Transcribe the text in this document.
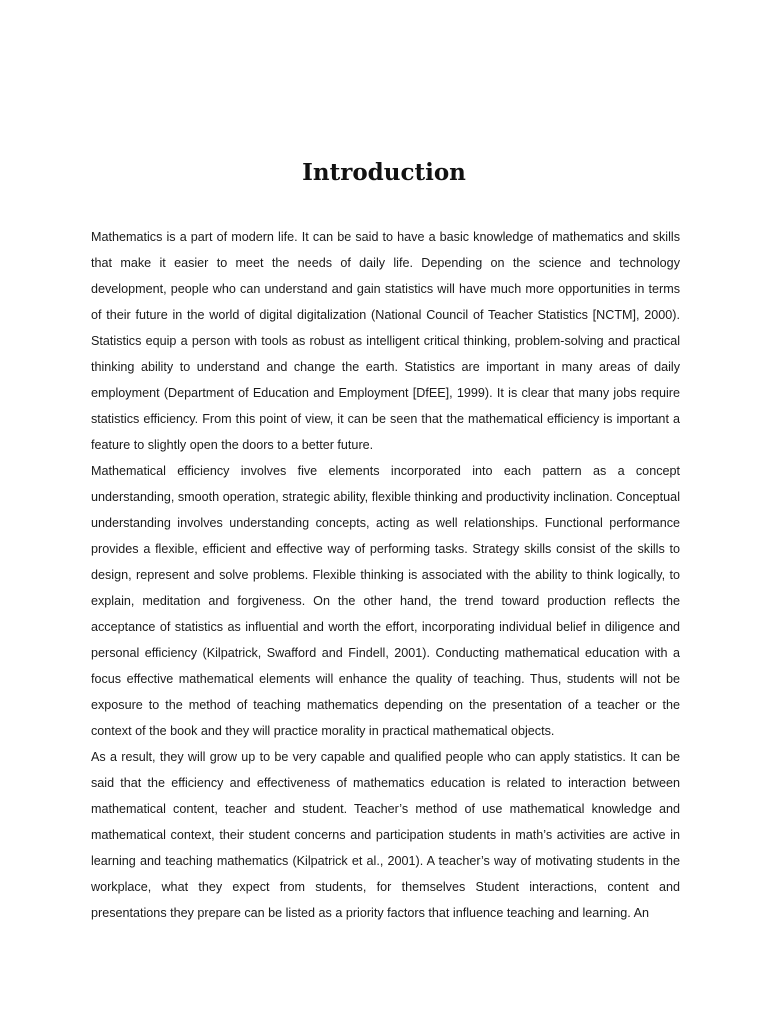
Introduction

Mathematics is a part of modern life. It can be said to have a basic knowledge of mathematics and skills that make it easier to meet the needs of daily life. Depending on the science and technology development, people who can understand and gain statistics will have much more opportunities in terms of their future in the world of digital digitalization (National Council of Teacher Statistics [NCTM], 2000). Statistics equip a person with tools as robust as intelligent critical thinking, problem-solving and practical thinking ability to understand and change the earth. Statistics are important in many areas of daily employment (Department of Education and Employment [DfEE], 1999). It is clear that many jobs require statistics efficiency. From this point of view, it can be seen that the mathematical efficiency is important a feature to slightly open the doors to a better future.

Mathematical efficiency involves five elements incorporated into each pattern as a concept understanding, smooth operation, strategic ability, flexible thinking and productivity inclination. Conceptual understanding involves understanding concepts, acting as well relationships. Functional performance provides a flexible, efficient and effective way of performing tasks. Strategy skills consist of the skills to design, represent and solve problems. Flexible thinking is associated with the ability to think logically, to explain, meditation and forgiveness. On the other hand, the trend toward production reflects the acceptance of statistics as influential and worth the effort, incorporating individual belief in diligence and personal efficiency (Kilpatrick, Swafford and Findell, 2001). Conducting mathematical education with a focus effective mathematical elements will enhance the quality of teaching. Thus, students will not be exposure to the method of teaching mathematics depending on the presentation of a teacher or the context of the book and they will practice morality in practical mathematical objects.

As a result, they will grow up to be very capable and qualified people who can apply statistics. It can be said that the efficiency and effectiveness of mathematics education is related to interaction between mathematical content, teacher and student. Teacher’s method of use mathematical knowledge and mathematical context, their student concerns and participation students in math’s activities are active in learning and teaching mathematics (Kilpatrick et al., 2001). A teacher’s way of motivating students in the workplace, what they expect from students, for themselves Student interactions, content and presentations they prepare can be listed as a priority factors that influence teaching and learning. An
